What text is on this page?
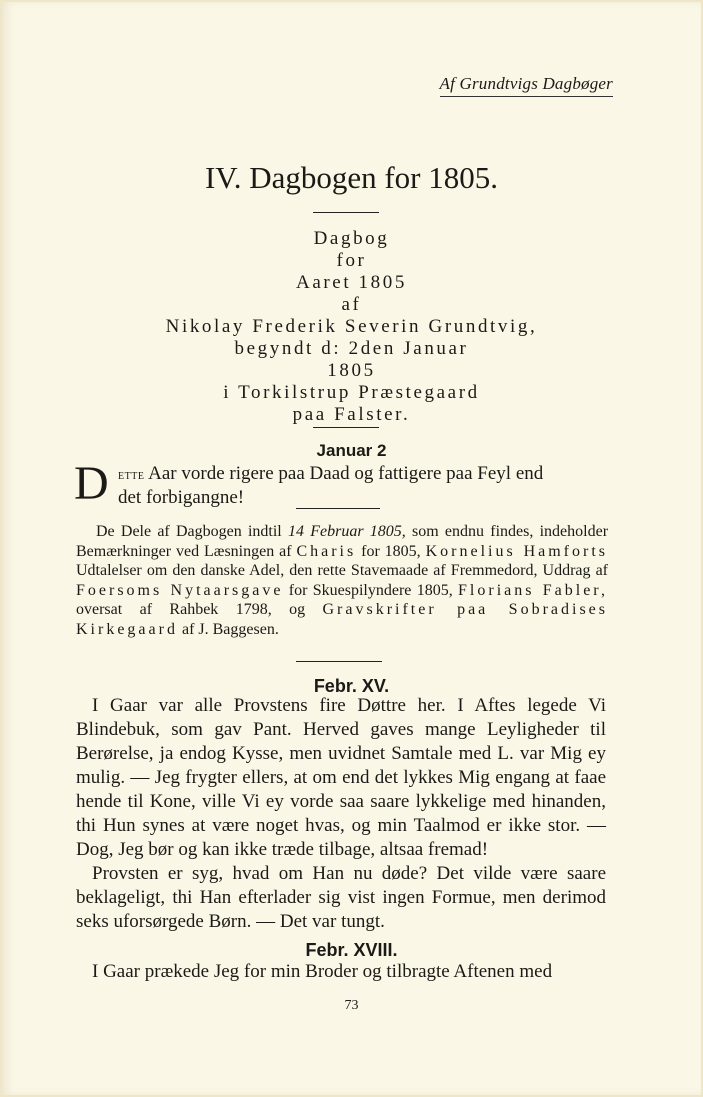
Af Grundtvigs Dagbøger
IV. Dagbogen for 1805.
Dagbog
for
Aaret 1805
af
Nikolay Frederik Severin Grundtvig,
begyndt d: 2den Januar
1805
i Torkilstrup Præstegaard
paa Falster.
Januar 2
D ette Aar vorde rigere paa Daad og fattigere paa Feyl end
det forbigangne!
De Dele af Dagbogen indtil 14 Februar 1805, som endnu findes, indeholder Bemærkninger ved Læsningen af Charis for 1805, Kornelius Hamforts Udtalelser om den danske Adel, den rette Stavemaade af Fremmedord, Uddrag af Foersoms Nytaarsgave for Skuespilyndere 1805, Florians Fabler, oversat af Rahbek 1798, og Gravskrifter paa Sobradises Kirkegaard af J. Baggesen.
Febr. XV.
I Gaar var alle Provstens fire Døttre her. I Aftes legede Vi Blindebuk, som gav Pant. Herved gaves mange Leyligheder til Berørelse, ja endog Kysse, men uvidnet Samtale med L. var Mig ey mulig. — Jeg frygter ellers, at om end det lykkes Mig engang at faae hende til Kone, ville Vi ey vorde saa saare lykkelige med hinanden, thi Hun synes at være noget hvas, og min Taalmod er ikke stor. — Dog, Jeg bør og kan ikke træde tilbage, altsaa fremad!
Provsten er syg, hvad om Han nu døde? Det vilde være saare beklageligt, thi Han efterlader sig vist ingen Formue, men derimod seks uforsørgede Børn. — Det var tungt.
Febr. XVIII.
I Gaar prækede Jeg for min Broder og tilbragte Aftenen med
73
